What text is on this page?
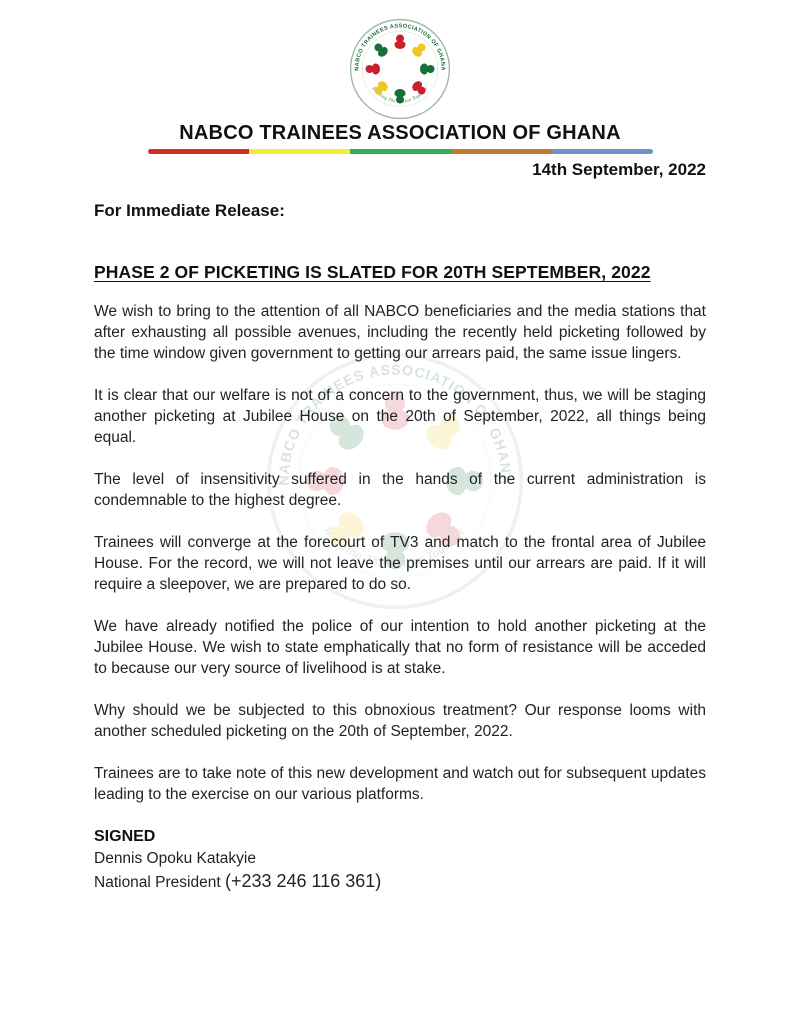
NABCO TRAINEES ASSOCIATION OF GHANA
14th September, 2022
For Immediate Release:
PHASE 2 OF PICKETING IS SLATED FOR 20TH SEPTEMBER, 2022

We wish to bring to the attention of all NABCO beneficiaries and the media stations that after exhausting all possible avenues, including the recently held picketing followed by the time window given government to getting our arrears paid, the same issue lingers.

It is clear that our welfare is not of a concern to the government, thus, we will be staging another picketing at Jubilee House on the 20th of September, 2022, all things being equal.

The level of insensitivity suffered in the hands of the current administration is condemnable to the highest degree.

Trainees will converge at the forecourt of TV3 and match to the frontal area of Jubilee House. For the record, we will not leave the premises until our arrears are paid. If it will require a sleepover, we are prepared to do so.

We have already notified the police of our intention to hold another picketing at the Jubilee House. We wish to state emphatically that no form of resistance will be acceded to because our very source of livelihood is at stake.

Why should we be subjected to this obnoxious treatment? Our response looms with another scheduled picketing on the 20th of September, 2022.

Trainees are to take note of this new development and watch out for subsequent updates leading to the exercise on our various platforms.

SIGNED
Dennis Opoku Katakyie
National President (+233 246 116 361)
